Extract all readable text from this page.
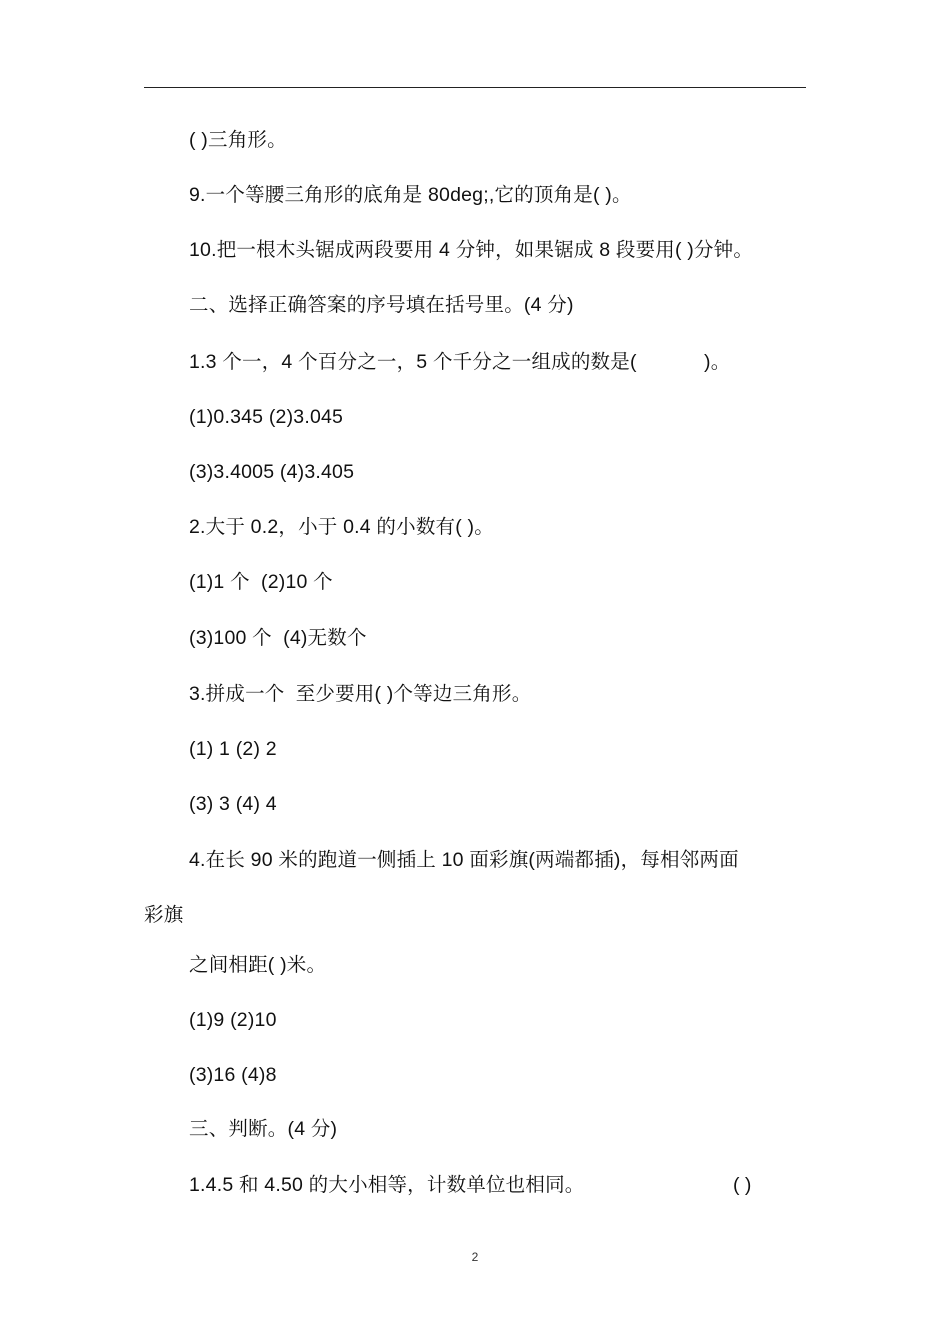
( )三角形。
9.一个等腰三角形的底角是 80deg;,它的顶角是( )。
10.把一根木头锯成两段要用 4 分钟，如果锯成 8 段要用( )分钟。
二、选择正确答案的序号填在括号里。(4 分)
1.3 个一，4 个百分之一，5 个千分之一组成的数是(            )。
(1)0.345 (2)3.045
(3)3.4005 (4)3.405
2.大于 0.2，小于 0.4 的小数有( )。
(1)1 个  (2)10 个
(3)100 个  (4)无数个
3.拼成一个  至少要用( )个等边三角形。
(1) 1 (2) 2
(3) 3 (4) 4
4.在长 90 米的跑道一侧插上 10 面彩旗(两端都插)，每相邻两面
彩旗
之间相距( )米。
(1)9 (2)10
(3)16 (4)8
三、判断。(4 分)
1.4.5 和 4.50 的大小相等，计数单位也相同。	( )
2
